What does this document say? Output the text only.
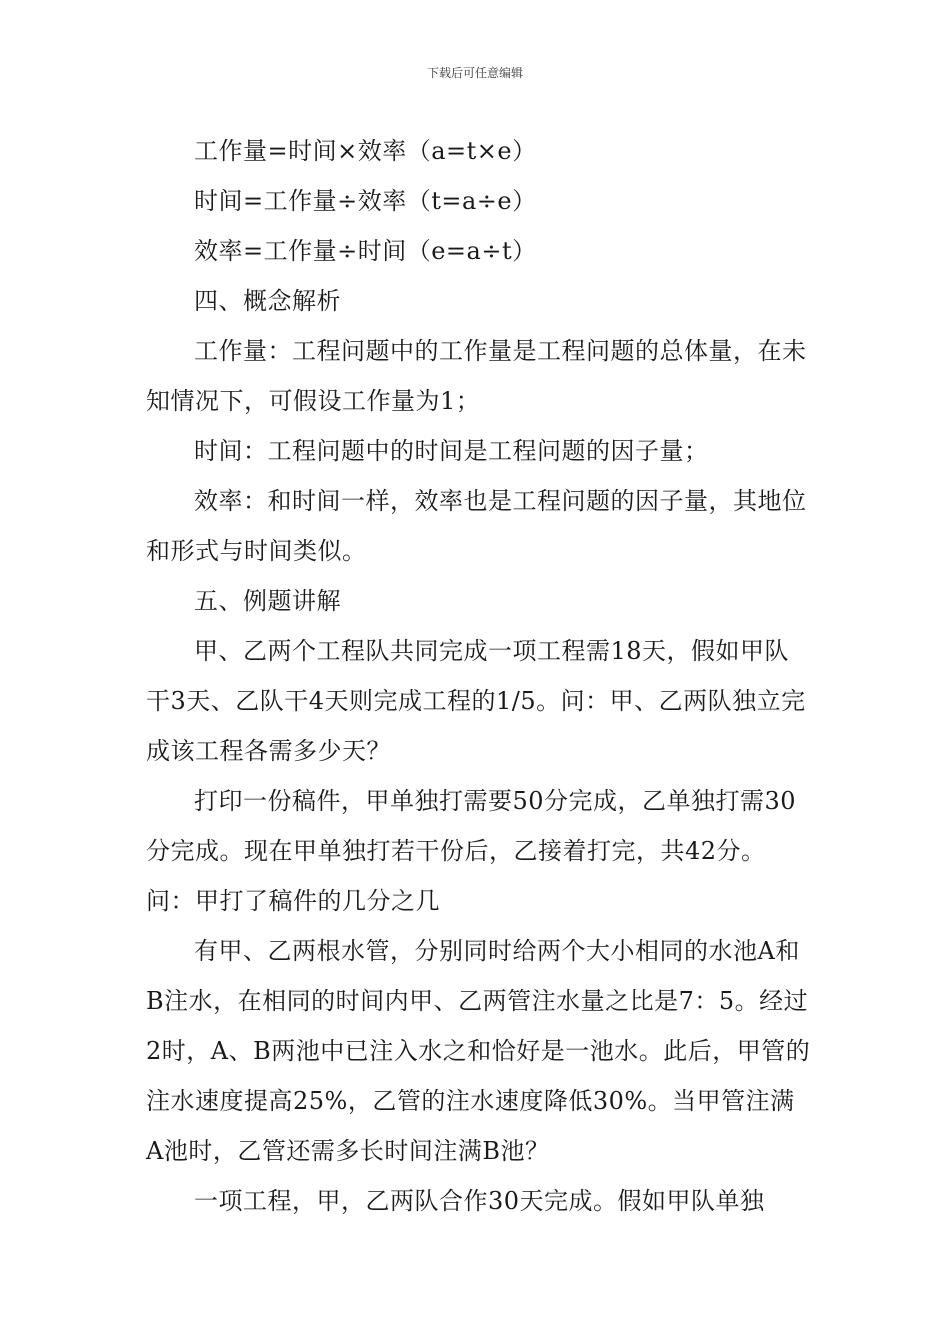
下载后可任意编辑

工作量=时间×效率（a=t×e）

时间=工作量÷效率（t=a÷e）

效率=工作量÷时间（e=a÷t）

四、概念解析

工作量：工程问题中的工作量是工程问题的总体量，在未知情况下，可假设工作量为1；

时间：工程问题中的时间是工程问题的因子量；

效率：和时间一样，效率也是工程问题的因子量，其地位和形式与时间类似。

五、例题讲解

甲、乙两个工程队共同完成一项工程需18天，假如甲队干3天、乙队干4天则完成工程的1/5。问：甲、乙两队独立完成该工程各需多少天？

打印一份稿件，甲单独打需要50分完成，乙单独打需30分完成。现在甲单独打若干份后，乙接着打完，共42分。问：甲打了稿件的几分之几

有甲、乙两根水管，分别同时给两个大小相同的水池A和B注水，在相同的时间内甲、乙两管注水量之比是7：5。经过2时，A、B两池中已注入水之和恰好是一池水。此后，甲管的注水速度提高25%，乙管的注水速度降低30%。当甲管注满A池时，乙管还需多长时间注满B池？

一项工程，甲，乙两队合作30天完成。假如甲队单独
